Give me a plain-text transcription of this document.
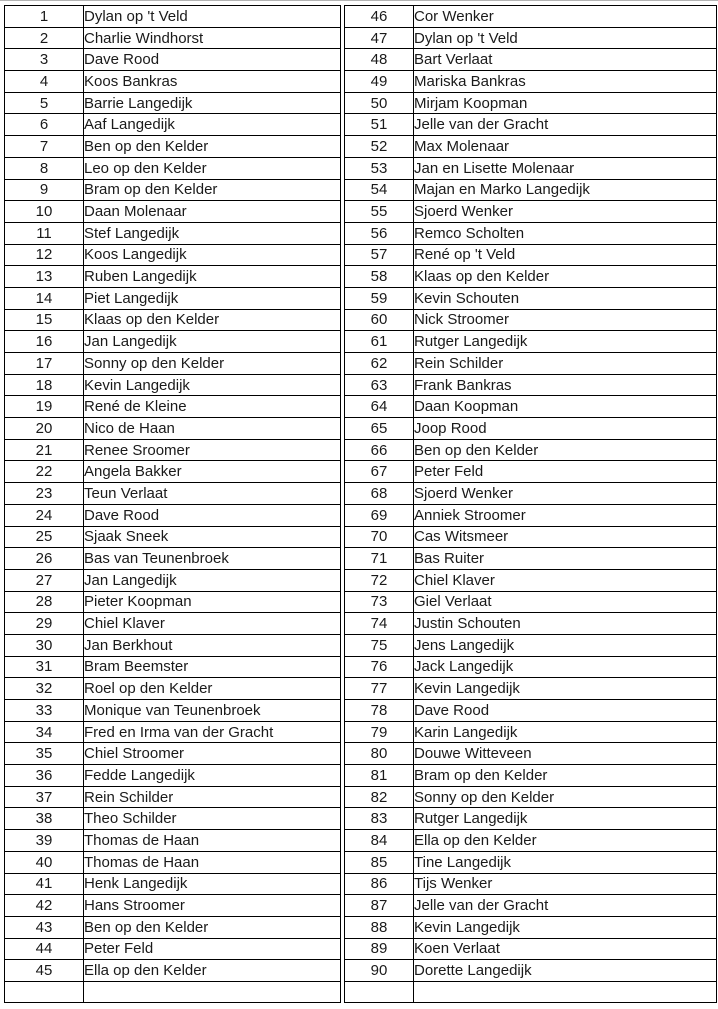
1	Dylan op 't Veld
2	Charlie Windhorst
3	Dave Rood
4	Koos Bankras
5	Barrie Langedijk
6	Aaf Langedijk
7	Ben op den Kelder
8	Leo op den Kelder
9	Bram op den Kelder
10	Daan Molenaar
11	Stef Langedijk
12	Koos Langedijk
13	Ruben Langedijk
14	Piet Langedijk
15	Klaas op den Kelder
16	Jan Langedijk
17	Sonny op den Kelder
18	Kevin Langedijk
19	René de Kleine
20	Nico de Haan
21	Renee Sroomer
22	Angela Bakker
23	Teun Verlaat
24	Dave Rood
25	Sjaak Sneek
26	Bas van Teunenbroek
27	Jan Langedijk
28	Pieter Koopman
29	Chiel Klaver
30	Jan Berkhout
31	Bram Beemster
32	Roel op den Kelder
33	Monique van Teunenbroek
34	Fred en Irma van der Gracht
35	Chiel Stroomer
36	Fedde Langedijk
37	Rein Schilder
38	Theo Schilder
39	Thomas de Haan
40	Thomas de Haan
41	Henk Langedijk
42	Hans Stroomer
43	Ben op den Kelder
44	Peter Feld
45	Ella op den Kelder

46	Cor Wenker
47	Dylan op 't Veld
48	Bart Verlaat
49	Mariska Bankras
50	Mirjam Koopman
51	Jelle van der Gracht
52	Max Molenaar
53	Jan en Lisette Molenaar
54	Majan en Marko Langedijk
55	Sjoerd Wenker
56	Remco Scholten
57	René op 't Veld
58	Klaas op den Kelder
59	Kevin Schouten
60	Nick Stroomer
61	Rutger Langedijk
62	Rein Schilder
63	Frank Bankras
64	Daan Koopman
65	Joop Rood
66	Ben op den Kelder
67	Peter Feld
68	Sjoerd Wenker
69	Anniek Stroomer
70	Cas Witsmeer
71	Bas Ruiter
72	Chiel Klaver
73	Giel Verlaat
74	Justin Schouten
75	Jens Langedijk
76	Jack Langedijk
77	Kevin Langedijk
78	Dave Rood
79	Karin Langedijk
80	Douwe Witteveen
81	Bram op den Kelder
82	Sonny op den Kelder
83	Rutger Langedijk
84	Ella op den Kelder
85	Tine Langedijk
86	Tijs Wenker
87	Jelle van der Gracht
88	Kevin Langedijk
89	Koen Verlaat
90	Dorette Langedijk
